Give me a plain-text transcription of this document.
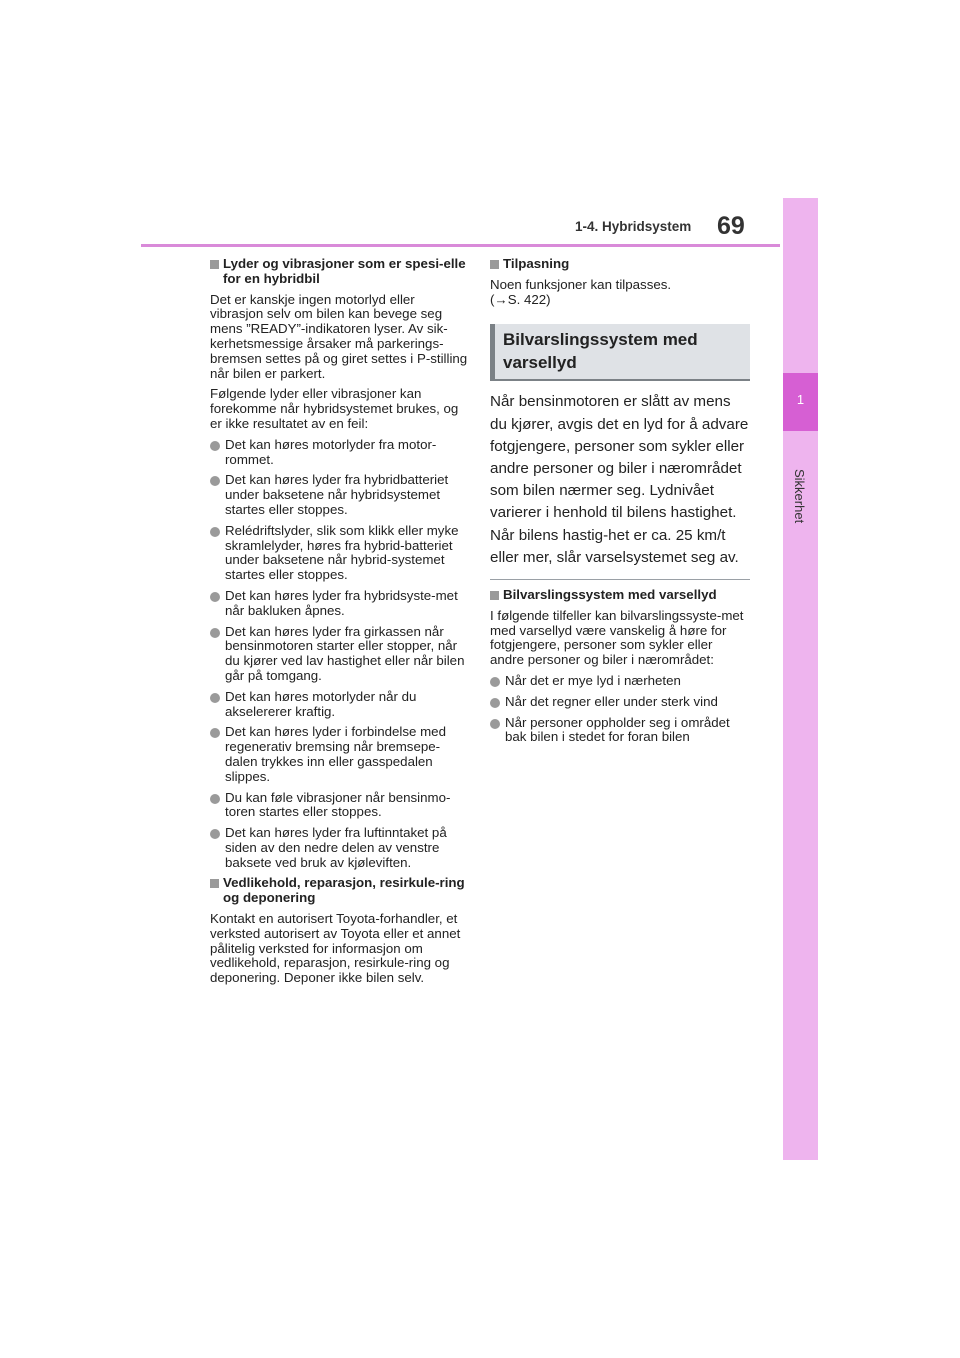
1-4. Hybridsystem 69
1
Sikkerhet
Lyder og vibrasjoner som er spesi-elle for en hybridbil

Det er kanskje ingen motorlyd eller vibrasjon selv om bilen kan bevege seg mens ”READY”-indikatoren lyser. Av sik-kerhetsmessige årsaker må parkerings-bremsen settes på og giret settes i P-stilling når bilen er parkert.

Følgende lyder eller vibrasjoner kan forekomme når hybridsystemet brukes, og er ikke resultatet av en feil:

Det kan høres motorlyder fra motor-rommet.
Det kan høres lyder fra hybridbatteriet under baksetene når hybridsystemet startes eller stoppes.
Relédriftslyder, slik som klikk eller myke skramlelyder, høres fra hybrid-batteriet under baksetene når hybrid-systemet startes eller stoppes.
Det kan høres lyder fra hybridsyste-met når bakluken åpnes.
Det kan høres lyder fra girkassen når bensinmotoren starter eller stopper, når du kjører ved lav hastighet eller når bilen går på tomgang.
Det kan høres motorlyder når du akselererer kraftig.
Det kan høres lyder i forbindelse med regenerativ bremsing når bremsepe-dalen trykkes inn eller gasspedalen slippes.
Du kan føle vibrasjoner når bensinmo-toren startes eller stoppes.
Det kan høres lyder fra luftinntaket på siden av den nedre delen av venstre baksete ved bruk av kjøleviften.
Vedlikehold, reparasjon, resirkule-ring og deponering

Kontakt en autorisert Toyota-forhandler, et verksted autorisert av Toyota eller et annet pålitelig verksted for informasjon om vedlikehold, reparasjon, resirkule-ring og deponering. Deponer ikke bilen selv.

Tilpasning

Noen funksjoner kan tilpasses.
(→S. 422)

Bilvarslingssystem med varsellyd

Når bensinmotoren er slått av mens du kjører, avgis det en lyd for å advare fotgjengere, personer som sykler eller andre personer og biler i nærområdet som bilen nærmer seg. Lydnivået varierer i henhold til bilens hastighet. Når bilens hastig-het er ca. 25 km/t eller mer, slår varselsystemet seg av.

Bilvarslingssystem med varsellyd

I følgende tilfeller kan bilvarslingssyste-met med varsellyd være vanskelig å høre for fotgjengere, personer som sykler eller andre personer og biler i nærområdet:

Når det er mye lyd i nærheten
Når det regner eller under sterk vind
Når personer oppholder seg i området bak bilen i stedet for foran bilen
